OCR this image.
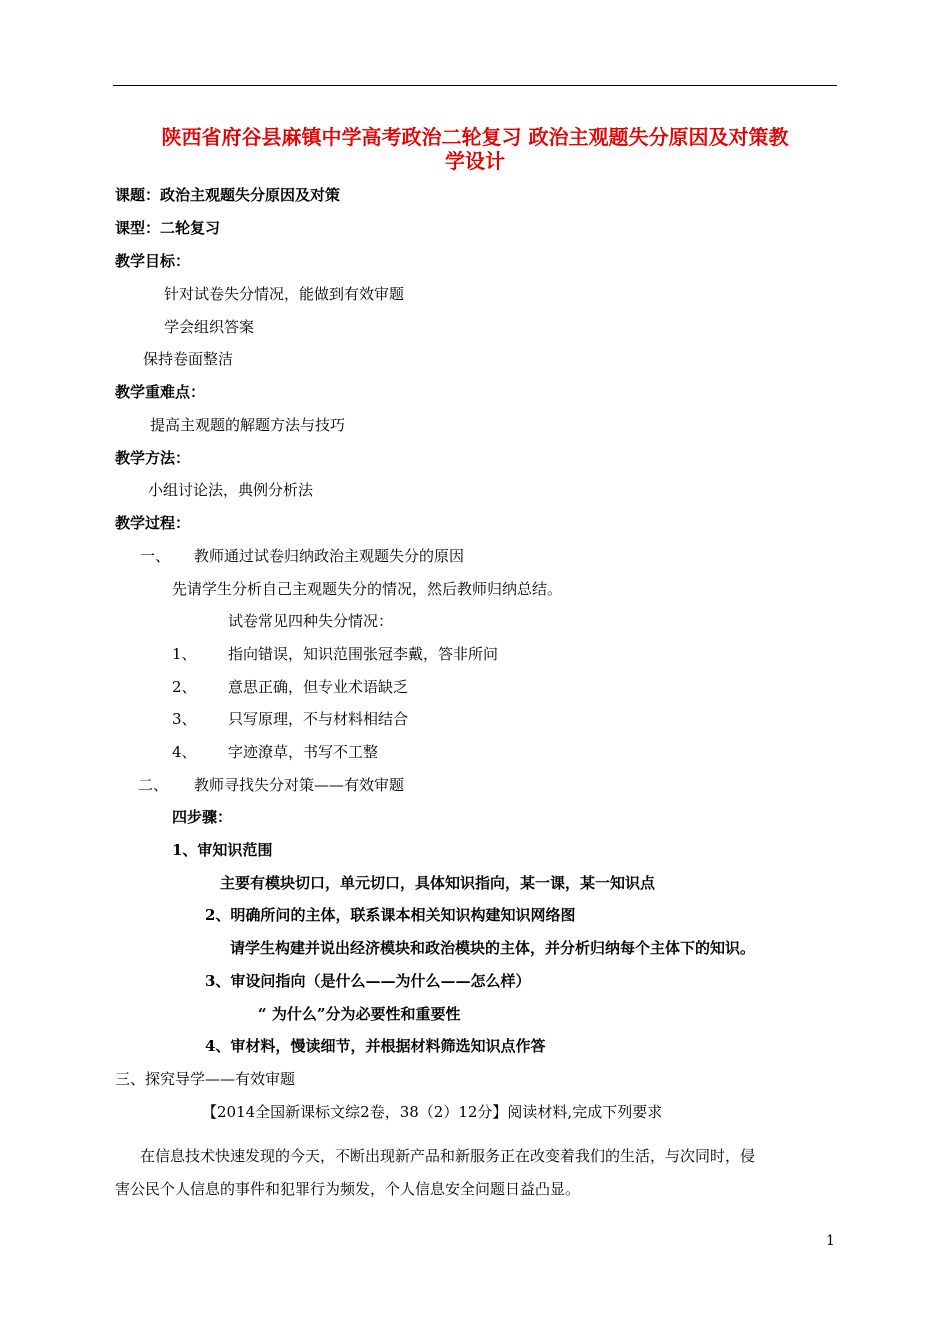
陕西省府谷县麻镇中学高考政治二轮复习 政治主观题失分原因及对策教
学设计
课题：政治主观题失分原因及对策
课型：二轮复习
教学目标：
针对试卷失分情况，能做到有效审题
学会组织答案
保持卷面整洁
教学重难点：
提高主观题的解题方法与技巧
教学方法：
小组讨论法，典例分析法
教学过程：
一、 教师通过试卷归纳政治主观题失分的原因
先请学生分析自己主观题失分的情况，然后教师归纳总结。
试卷常见四种失分情况：
1、 指向错误，知识范围张冠李戴，答非所问
2、 意思正确，但专业术语缺乏
3、 只写原理，不与材料相结合
4、 字迹潦草，书写不工整
二、 教师寻找失分对策——有效审题
四步骤：
1、审知识范围
主要有模块切口，单元切口，具体知识指向，某一课，某一知识点
2、明确所问的主体，联系课本相关知识构建知识网络图
请学生构建并说出经济模块和政治模块的主体，并分析归纳每个主体下的知识。
3、审设问指向（是什么——为什么——怎么样）
“ 为什么”分为必要性和重要性
4、审材料，慢读细节，并根据材料筛选知识点作答
三、探究导学——有效审题
【2014全国新课标文综2卷，38（2）12分】阅读材料,完成下列要求
在信息技术快速发现的今天，不断出现新产品和新服务正在改变着我们的生活，与次同时，侵
害公民个人信息的事件和犯罪行为频发，个人信息安全问题日益凸显。
1
